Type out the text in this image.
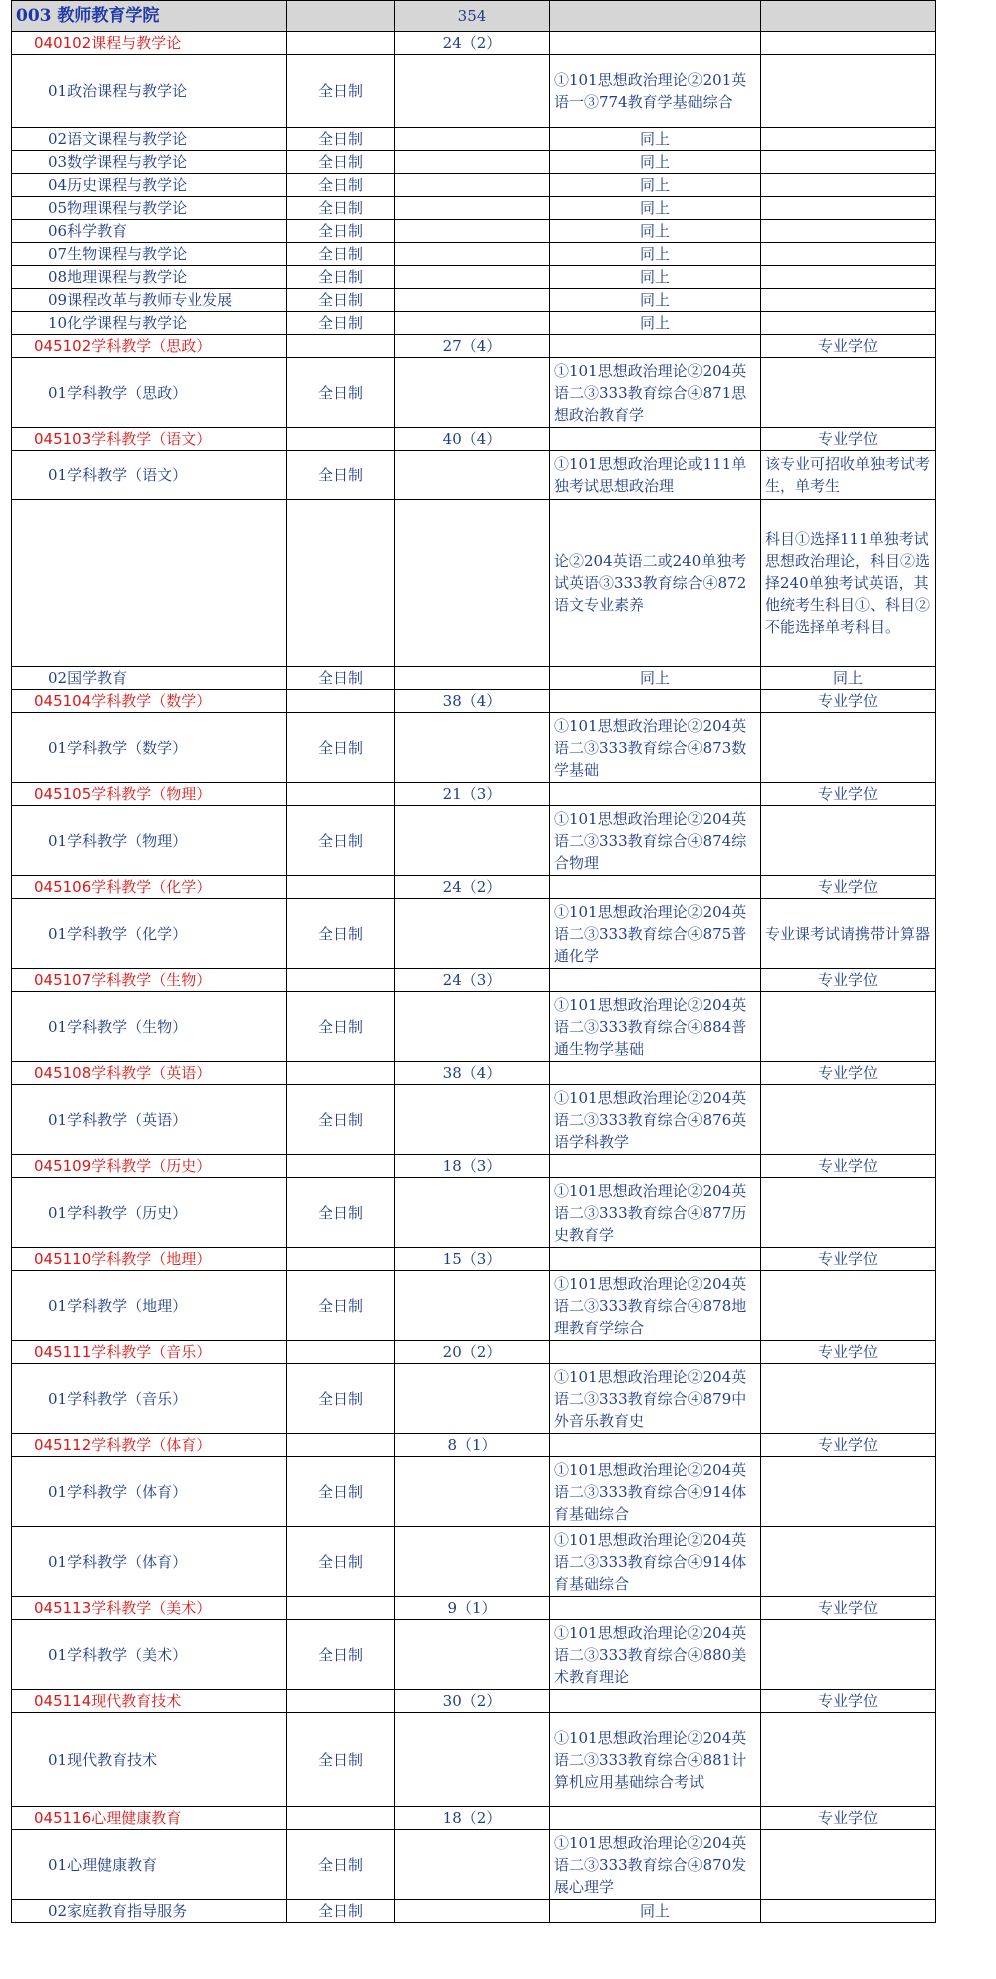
003 教师教育学院		354		
040102课程与教学论		24（2）		
01政治课程与教学论	全日制		①101思想政治理论②201英语一③774教育学基础综合	
02语文课程与教学论	全日制		同上	
03数学课程与教学论	全日制		同上	
04历史课程与教学论	全日制		同上	
05物理课程与教学论	全日制		同上	
06科学教育	全日制		同上	
07生物课程与教学论	全日制		同上	
08地理课程与教学论	全日制		同上	
09课程改革与教师专业发展	全日制		同上	
10化学课程与教学论	全日制		同上	
045102学科教学（思政）		27（4）		专业学位
01学科教学（思政）	全日制		①101思想政治理论②204英语二③333教育综合④871思想政治教育学	
045103学科教学（语文）		40（4）		专业学位
01学科教学（语文）	全日制		①101思想政治理论或111单独考试思想政治理	该专业可招收单独考试考生，单考生
			论②204英语二或240单独考试英语③333教育综合④872语文专业素养	科目①选择111单独考试思想政治理论，科目②选择240单独考试英语，其他统考生科目①、科目②不能选择单考科目。
02国学教育	全日制		同上	同上
045104学科教学（数学）		38（4）		专业学位
01学科教学（数学）	全日制		①101思想政治理论②204英语二③333教育综合④873数学基础	
045105学科教学（物理）		21（3）		专业学位
01学科教学（物理）	全日制		①101思想政治理论②204英语二③333教育综合④874综合物理	
045106学科教学（化学）		24（2）		专业学位
01学科教学（化学）	全日制		①101思想政治理论②204英语二③333教育综合④875普通化学	专业课考试请携带计算器
045107学科教学（生物）		24（3）		专业学位
01学科教学（生物）	全日制		①101思想政治理论②204英语二③333教育综合④884普通生物学基础	
045108学科教学（英语）		38（4）		专业学位
01学科教学（英语）	全日制		①101思想政治理论②204英语二③333教育综合④876英语学科教学	
045109学科教学（历史）		18（3）		专业学位
01学科教学（历史）	全日制		①101思想政治理论②204英语二③333教育综合④877历史教育学	
045110学科教学（地理）		15（3）		专业学位
01学科教学（地理）	全日制		①101思想政治理论②204英语二③333教育综合④878地理教育学综合	
045111学科教学（音乐）		20（2）		专业学位
01学科教学（音乐）	全日制		①101思想政治理论②204英语二③333教育综合④879中外音乐教育史	
045112学科教学（体育）		8（1）		专业学位
01学科教学（体育）	全日制		①101思想政治理论②204英语二③333教育综合④914体育基础综合	
01学科教学（体育）	全日制		①101思想政治理论②204英语二③333教育综合④914体育基础综合	
045113学科教学（美术）		9（1）		专业学位
01学科教学（美术）	全日制		①101思想政治理论②204英语二③333教育综合④880美术教育理论	
045114现代教育技术		30（2）		专业学位
01现代教育技术	全日制		①101思想政治理论②204英语二③333教育综合④881计算机应用基础综合考试	
045116心理健康教育		18（2）		专业学位
01心理健康教育	全日制		①101思想政治理论②204英语二③333教育综合④870发展心理学	
02家庭教育指导服务	全日制		同上	
